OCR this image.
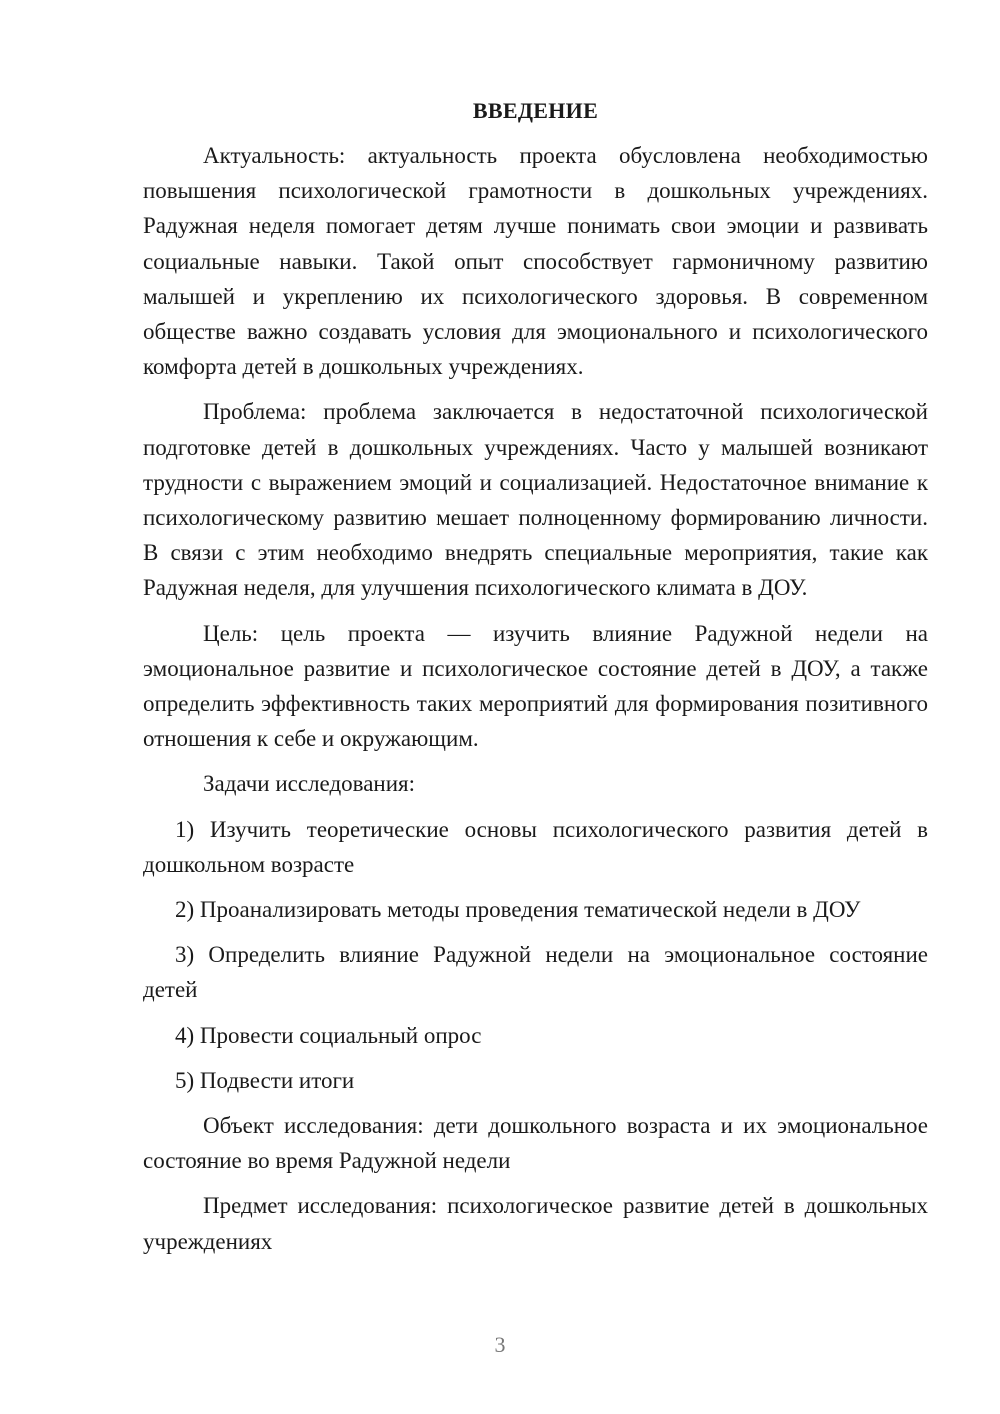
ВВЕДЕНИЕ

Актуальность: актуальность проекта обусловлена необходимостью повышения психологической грамотности в дошкольных учреждениях. Радужная неделя помогает детям лучше понимать свои эмоции и развивать социальные навыки. Такой опыт способствует гармоничному развитию малышей и укреплению их психологического здоровья. В современном обществе важно создавать условия для эмоционального и психологического комфорта детей в дошкольных учреждениях.

Проблема: проблема заключается в недостаточной психологической подготовке детей в дошкольных учреждениях. Часто у малышей возникают трудности с выражением эмоций и социализацией. Недостаточное внимание к психологическому развитию мешает полноценному формированию личности. В связи с этим необходимо внедрять специальные мероприятия, такие как Радужная неделя, для улучшения психологического климата в ДОУ.

Цель: цель проекта — изучить влияние Радужной недели на эмоциональное развитие и психологическое состояние детей в ДОУ, а также определить эффективность таких мероприятий для формирования позитивного отношения к себе и окружающим.

Задачи исследования:

1) Изучить теоретические основы психологического развития детей в дошкольном возрасте

2) Проанализировать методы проведения тематической недели в ДОУ

3) Определить влияние Радужной недели на эмоциональное состояние детей

4) Провести социальный опрос

5) Подвести итоги

Объект исследования: дети дошкольного возраста и их эмоциональное состояние во время Радужной недели

Предмет исследования: психологическое развитие детей в дошкольных учреждениях

3
